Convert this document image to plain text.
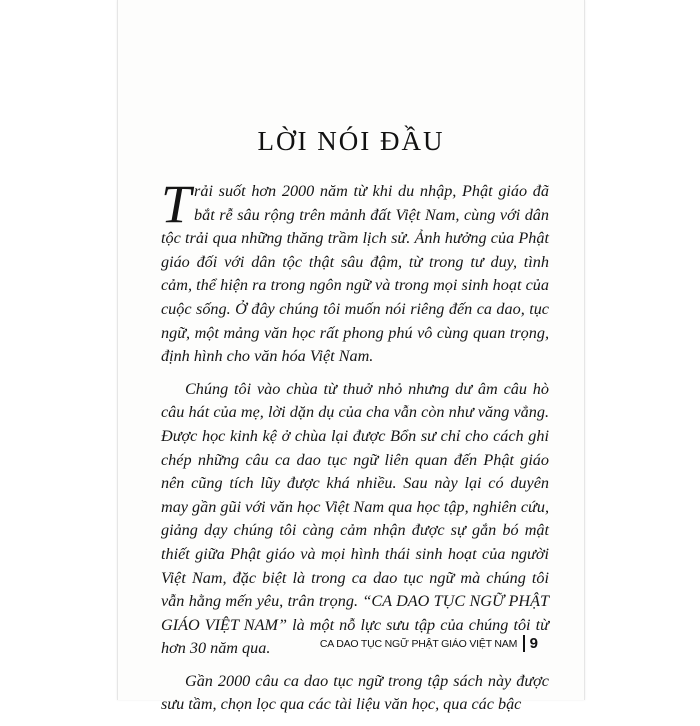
LỜI NÓI ĐẦU

Trải suốt hơn 2000 năm từ khi du nhập, Phật giáo đã bắt rễ sâu rộng trên mảnh đất Việt Nam, cùng với dân tộc trải qua những thăng trầm lịch sử. Ảnh hưởng của Phật giáo đối với dân tộc thật sâu đậm, từ trong tư duy, tình cảm, thể hiện ra trong ngôn ngữ và trong mọi sinh hoạt của cuộc sống. Ở đây chúng tôi muốn nói riêng đến ca dao, tục ngữ, một mảng văn học rất phong phú vô cùng quan trọng, định hình cho văn hóa Việt Nam.

Chúng tôi vào chùa từ thuở nhỏ nhưng dư âm câu hò câu hát của mẹ, lời dặn dụ của cha vẫn còn như văng vẳng. Được học kinh kệ ở chùa lại được Bổn sư chỉ cho cách ghi chép những câu ca dao tục ngữ liên quan đến Phật giáo nên cũng tích lũy được khá nhiều. Sau này lại có duyên may gần gũi với văn học Việt Nam qua học tập, nghiên cứu, giảng dạy chúng tôi càng cảm nhận được sự gắn bó mật thiết giữa Phật giáo và mọi hình thái sinh hoạt của người Việt Nam, đặc biệt là trong ca dao tục ngữ mà chúng tôi vẫn hằng mến yêu, trân trọng. “CA DAO TỤC NGỮ PHẬT GIÁO VIỆT NAM” là một nỗ lực sưu tập của chúng tôi từ hơn 30 năm qua.

Gần 2000 câu ca dao tục ngữ trong tập sách này được sưu tầm, chọn lọc qua các tài liệu văn học, qua các bậc

CA DAO TỤC NGỮ PHẬT GIÁO VIỆT NAM 9
